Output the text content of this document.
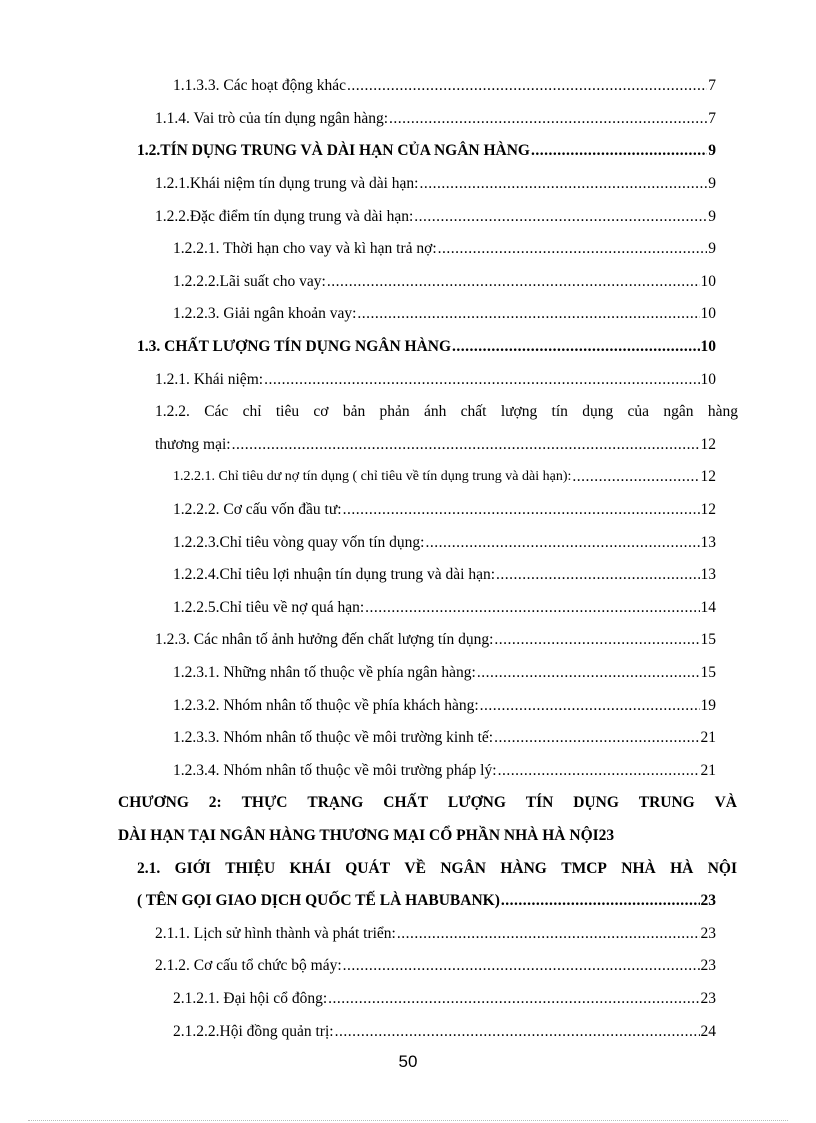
1.1.3.3. Các hoạt động khác .....	7
1.1.4. Vai trò của tín dụng ngân hàng: .....	7
1.2.TÍN DỤNG TRUNG VÀ DÀI HẠN CỦA NGÂN HÀNG .....	9
1.2.1.Khái niệm tín dụng trung và dài hạn: .....	9
1.2.2.Đặc điểm tín dụng trung và dài hạn: .....	9
1.2.2.1. Thời hạn cho vay và kì hạn trả nợ: .....	9
1.2.2.2.Lãi suất cho vay: .....	10
1.2.2.3. Giải ngân khoản vay: .....	10
1.3. CHẤT LƯỢNG TÍN DỤNG NGÂN HÀNG .....	10
1.2.1. Khái niệm: .....	10
1.2.2. Các chỉ tiêu cơ bản phản ánh chất lượng tín dụng của ngân hàng
thương mại: .....	12
1.2.2.1. Chỉ tiêu dư nợ tín dụng ( chỉ tiêu về tín dụng trung và dài hạn): .....	12
1.2.2.2. Cơ cấu vốn đầu tư: .....	12
1.2.2.3.Chỉ tiêu vòng quay vốn tín dụng: .....	13
1.2.2.4.Chỉ tiêu lợi nhuận tín dụng trung và dài hạn: .....	13
1.2.2.5.Chỉ tiêu về nợ quá hạn: .....	14
1.2.3. Các nhân tố ảnh hưởng đến chất lượng tín dụng: .....	15
1.2.3.1. Những nhân tố thuộc về phía ngân hàng: .....	15
1.2.3.2. Nhóm nhân tố thuộc về phía khách hàng: .....	19
1.2.3.3. Nhóm nhân tố thuộc về môi trường kinh tế: .....	21
1.2.3.4. Nhóm nhân tố thuộc về môi trường pháp lý: .....	21
CHƯƠNG 2: THỰC TRẠNG CHẤT LƯỢNG TÍN DỤNG TRUNG VÀ
DÀI HẠN TẠI NGÂN HÀNG THƯƠNG MẠI CỔ PHẦN NHÀ HÀ NỘI 23
2.1. GIỚI THIỆU KHÁI QUÁT VỀ NGÂN HÀNG TMCP NHÀ HÀ NỘI
( TÊN GỌI GIAO DỊCH QUỐC TẾ LÀ HABUBANK) .....	23
2.1.1. Lịch sử hình thành và phát triển: .....	23
2.1.2. Cơ cấu tổ chức bộ máy: .....	23
2.1.2.1. Đại hội cổ đông: .....	23
2.1.2.2.Hội đồng quản trị: .....	24
50
